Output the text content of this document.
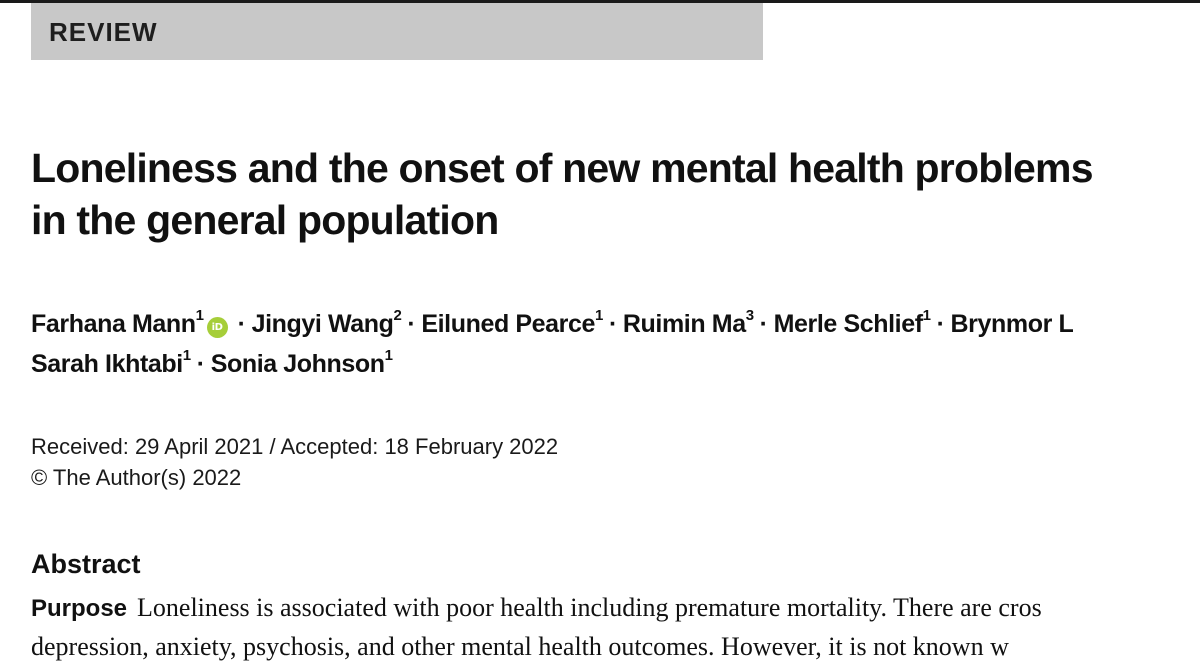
REVIEW
Loneliness and the onset of new mental health problems
in the general population
Farhana Mann$^1$iD · Jingyi Wang$^2$ · Eiluned Pearce$^1$ · Ruimin $Ma^3$ · Merle Schlief$^1$ · Brynmor L
Sarah Ikhtabi$^1$ · Sonia Johnson$^1$
Received: 29 April 2021 / Accepted: 18 February 2022
© The Author(s) 2022
Abstract
Purpose Loneliness is associated with poor health including premature mortality. There are cros
depression, anxiety, psychosis, and other mental health outcomes. However, it is not known w
